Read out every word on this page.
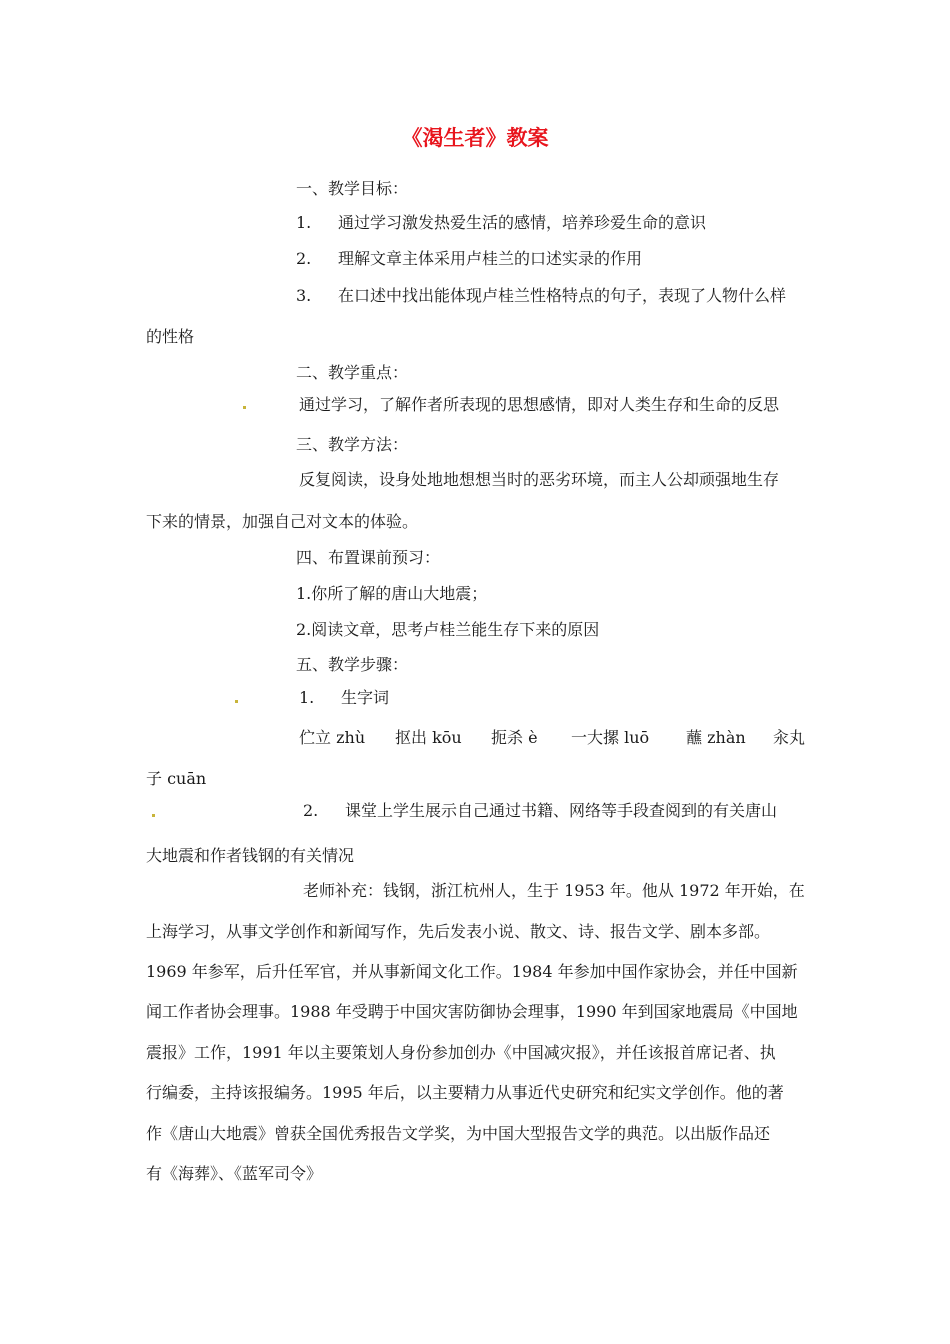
《渴生者》教案
一、教学目标：
1. 通过学习激发热爱生活的感情，培养珍爱生命的意识
2. 理解文章主体采用卢桂兰的口述实录的作用
3. 在口述中找出能体现卢桂兰性格特点的句子，表现了人物什么样
的性格
二、教学重点：
通过学习，了解作者所表现的思想感情，即对人类生存和生命的反思
三、教学方法：
反复阅读，设身处地地想想当时的恶劣环境，而主人公却顽强地生存
下来的情景，加强自己对文本的体验。
四、布置课前预习：
1.你所了解的唐山大地震；
2.阅读文章，思考卢桂兰能生存下来的原因
五、教学步骤：
1. 生字词
伫立 zhù 抠出 kōu 扼杀 è 一大摞 luō 蘸 zhàn 汆丸
子 cuān
2. 课堂上学生展示自己通过书籍、网络等手段查阅到的有关唐山
大地震和作者钱钢的有关情况
老师补充：钱钢，浙江杭州人，生于 1953 年。他从 1972 年开始，在
上海学习，从事文学创作和新闻写作，先后发表小说、散文、诗、报告文学、剧本多部。
1969 年参军，后升任军官，并从事新闻文化工作。1984 年参加中国作家协会，并任中国新
闻工作者协会理事。1988 年受聘于中国灾害防御协会理事，1990 年到国家地震局《中国地
震报》工作，1991 年以主要策划人身份参加创办《中国减灾报》，并任该报首席记者、执
行编委，主持该报编务。1995 年后，以主要精力从事近代史研究和纪实文学创作。他的著
作《唐山大地震》曾获全国优秀报告文学奖，为中国大型报告文学的典范。以出版作品还
有《海葬》、《蓝军司令》
